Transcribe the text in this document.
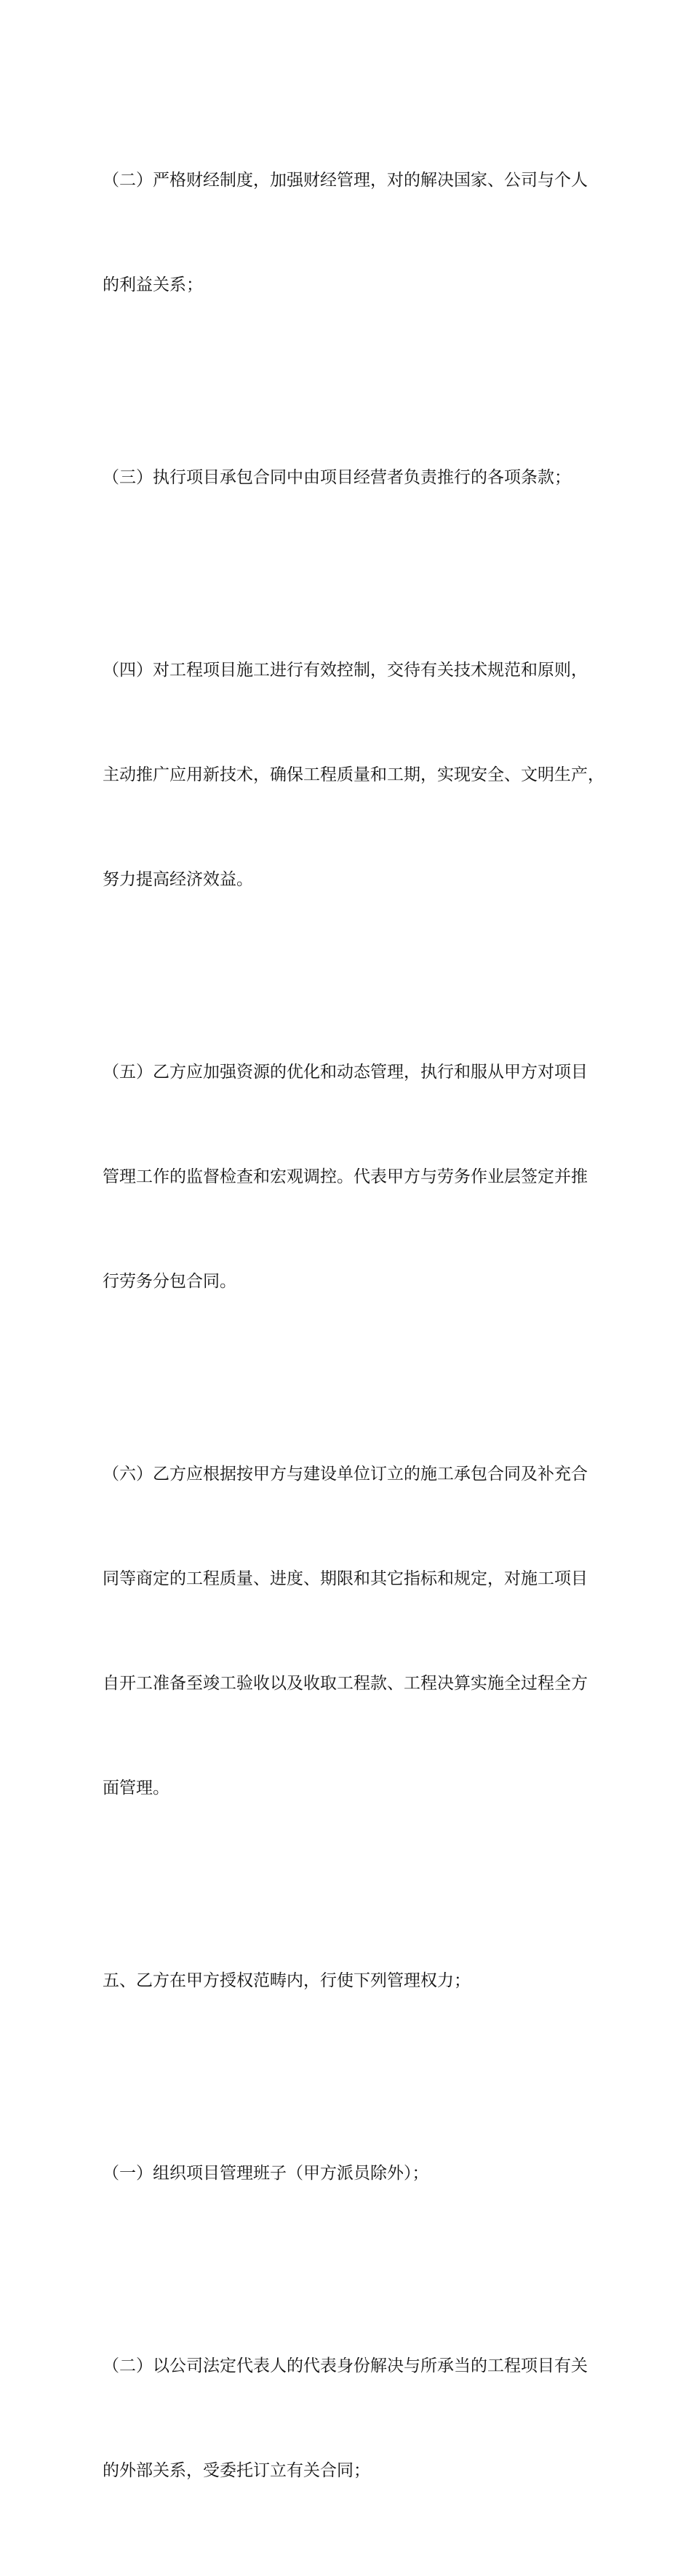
（二）严格财经制度，加强财经管理，对的解决国家、公司与个人

的利益关系；

（三）执行项目承包合同中由项目经营者负责推行的各项条款；

（四）对工程项目施工进行有效控制，交待有关技术规范和原则，

主动推广应用新技术，确保工程质量和工期，实现安全、文明生产，

努力提高经济效益。

（五）乙方应加强资源的优化和动态管理，执行和服从甲方对项目

管理工作的监督检查和宏观调控。代表甲方与劳务作业层签定并推

行劳务分包合同。

（六）乙方应根据按甲方与建设单位订立的施工承包合同及补充合

同等商定的工程质量、进度、期限和其它指标和规定，对施工项目

自开工准备至竣工验收以及收取工程款、工程决算实施全过程全方

面管理。

五、乙方在甲方授权范畴内，行使下列管理权力；

（一）组织项目管理班子（甲方派员除外）；

（二）以公司法定代表人的代表身份解决与所承当的工程项目有关

的外部关系，受委托订立有关合同；
